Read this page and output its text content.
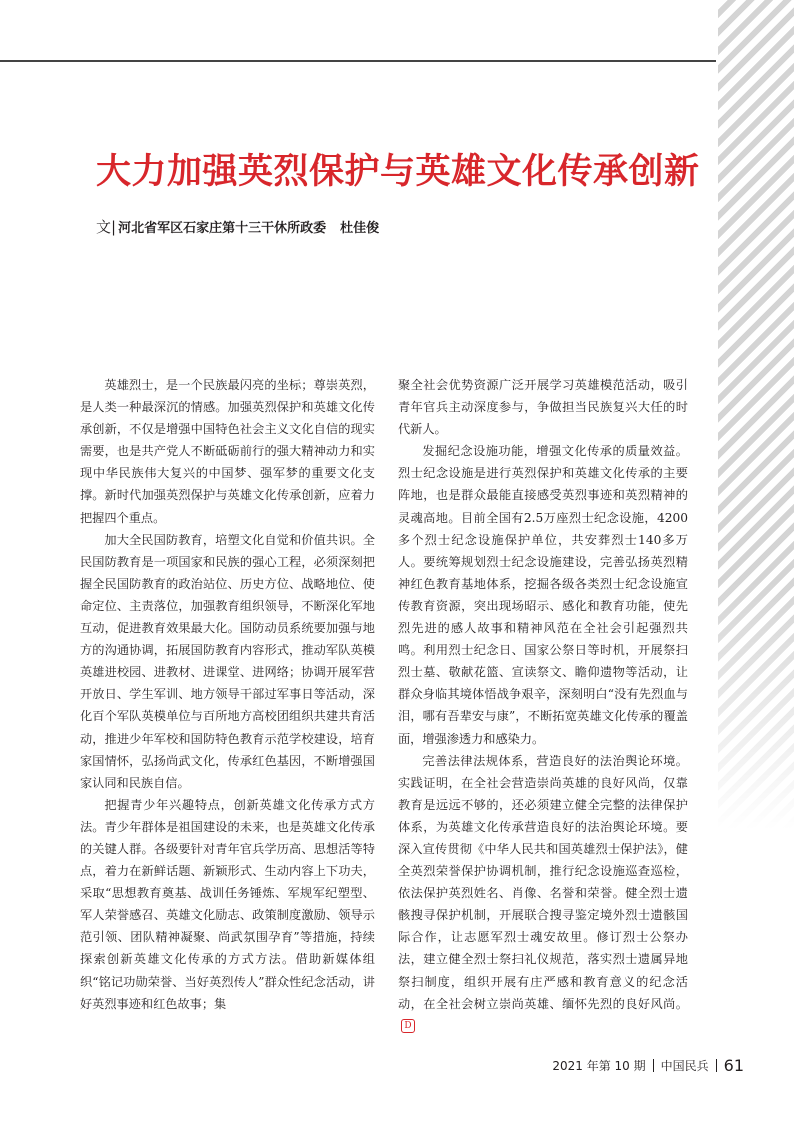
大力加强英烈保护与英雄文化传承创新
文| 河北省军区石家庄第十三干休所政委 杜佳俊

英雄烈士，是一个民族最闪亮的坐标；尊崇英烈，是人类一种最深沉的情感。加强英烈保护和英雄文化传承创新，不仅是增强中国特色社会主义文化自信的现实需要，也是共产党人不断砥砺前行的强大精神动力和实现中华民族伟大复兴的中国梦、强军梦的重要文化支撑。新时代加强英烈保护与英雄文化传承创新，应着力把握四个重点。

加大全民国防教育，培塑文化自觉和价值共识。全民国防教育是一项国家和民族的强心工程，必须深刻把握全民国防教育的政治站位、历史方位、战略地位、使命定位、主责落位，加强教育组织领导，不断深化军地互动，促进教育效果最大化。国防动员系统要加强与地方的沟通协调，拓展国防教育内容形式，推动军队英模英雄进校园、进教材、进课堂、进网络；协调开展军营开放日、学生军训、地方领导干部过军事日等活动，深化百个军队英模单位与百所地方高校团组织共建共育活动，推进少年军校和国防特色教育示范学校建设，培育家国情怀，弘扬尚武文化，传承红色基因，不断增强国家认同和民族自信。

把握青少年兴趣特点，创新英雄文化传承方式方法。青少年群体是祖国建设的未来，也是英雄文化传承的关键人群。各级要针对青年官兵学历高、思想活等特点，着力在新鲜话题、新颖形式、生动内容上下功夫，采取“思想教育奠基、战训任务锤炼、军规军纪塑型、军人荣誉感召、英雄文化励志、政策制度激励、领导示范引领、团队精神凝聚、尚武氛围孕育”等措施，持续探索创新英雄文化传承的方式方法。借助新媒体组织“铭记功勋荣誉、当好英烈传人”群众性纪念活动，讲好英烈事迹和红色故事；集

聚全社会优势资源广泛开展学习英雄模范活动，吸引青年官兵主动深度参与，争做担当民族复兴大任的时代新人。

发掘纪念设施功能，增强文化传承的质量效益。烈士纪念设施是进行英烈保护和英雄文化传承的主要阵地，也是群众最能直接感受英烈事迹和英烈精神的灵魂高地。目前全国有2.5万座烈士纪念设施，4200多个烈士纪念设施保护单位，共安葬烈士140多万人。要统筹规划烈士纪念设施建设，完善弘扬英烈精神红色教育基地体系，挖掘各级各类烈士纪念设施宣传教育资源，突出现场昭示、感化和教育功能，使先烈先进的感人故事和精神风范在全社会引起强烈共鸣。利用烈士纪念日、国家公祭日等时机，开展祭扫烈士墓、敬献花篮、宣读祭文、瞻仰遗物等活动，让群众身临其境体悟战争艰辛，深刻明白“没有先烈血与泪，哪有吾辈安与康”，不断拓宽英雄文化传承的覆盖面，增强渗透力和感染力。

完善法律法规体系，营造良好的法治舆论环境。实践证明，在全社会营造崇尚英雄的良好风尚，仅靠教育是远远不够的，还必须建立健全完整的法律保护体系，为英雄文化传承营造良好的法治舆论环境。要深入宣传贯彻《中华人民共和国英雄烈士保护法》，健全英烈荣誉保护协调机制，推行纪念设施巡查巡检，依法保护英烈姓名、肖像、名誉和荣誉。健全烈士遗骸搜寻保护机制，开展联合搜寻鉴定境外烈士遗骸国际合作，让志愿军烈士魂安故里。修订烈士公祭办法，建立健全烈士祭扫礼仪规范，落实烈士遗属异地祭扫制度，组织开展有庄严感和教育意义的纪念活动，在全社会树立崇尚英雄、缅怀先烈的良好风尚。D

2021 年第 10 期 中国民兵 61
